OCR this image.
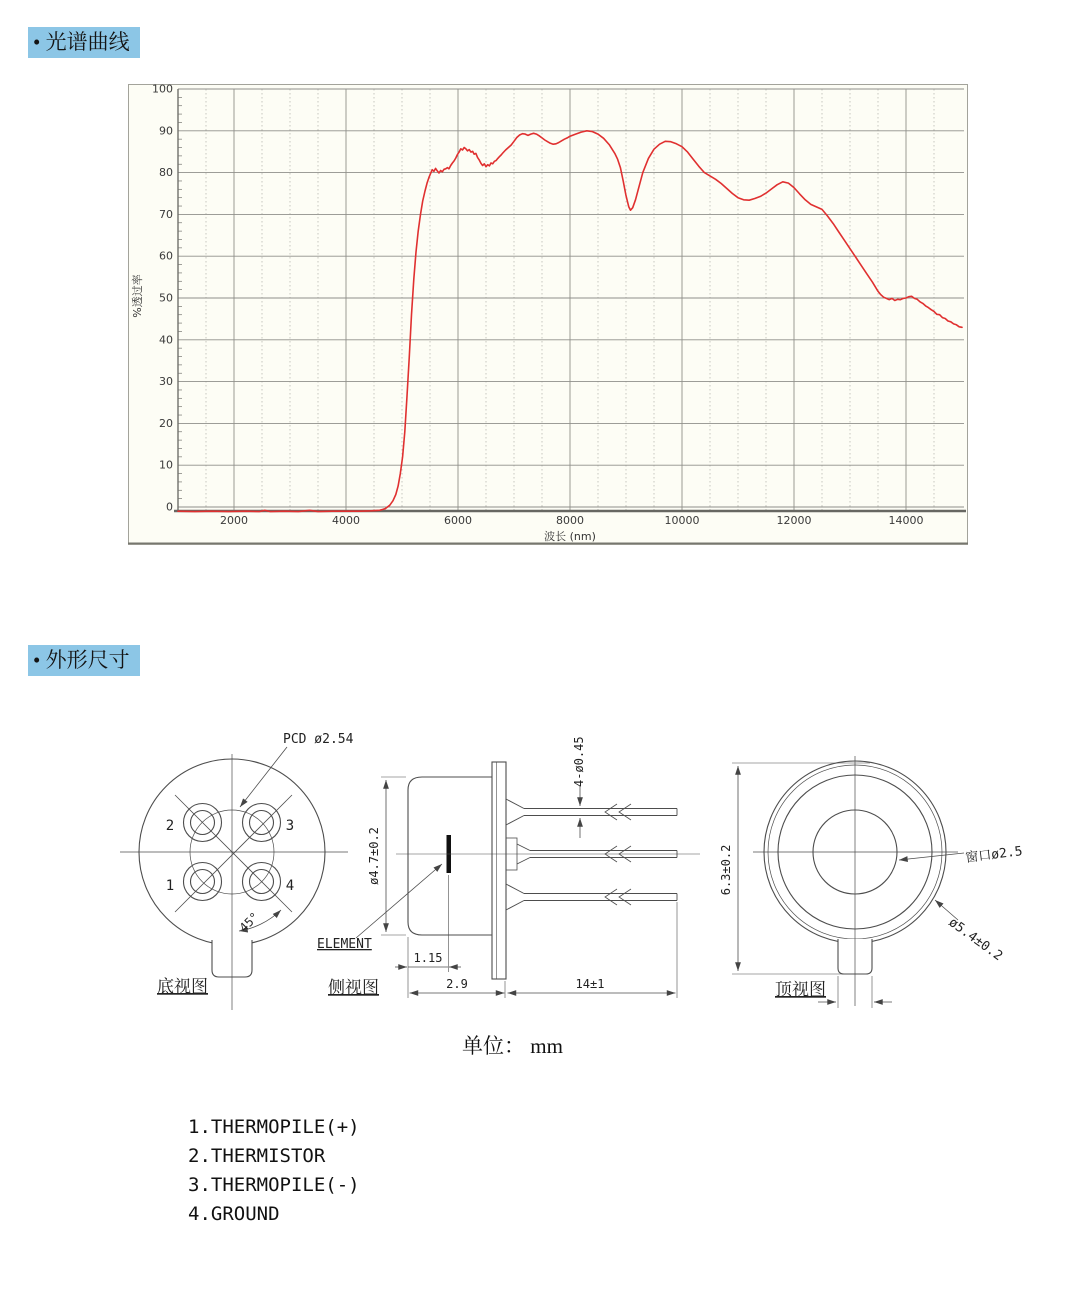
• 光谱曲线
0
10
20
30
40
50
60
70
80
90
100
2000	4000	6000	8000	10000	12000	14000
波长 (nm)
%透过率
• 外形尺寸
PCD ø2.54
2	3
1	4
45°
底视图
ø4.7±0.2
4-ø0.45
ELEMENT
1.15
2.9	14±1
侧视图
6.3±0.2	窗口ø2.5
ø5.4±0.2
顶视图
单位： mm
1.THERMOPILE(+)
2.THERMISTOR
3.THERMOPILE(-)
4.GROUND
